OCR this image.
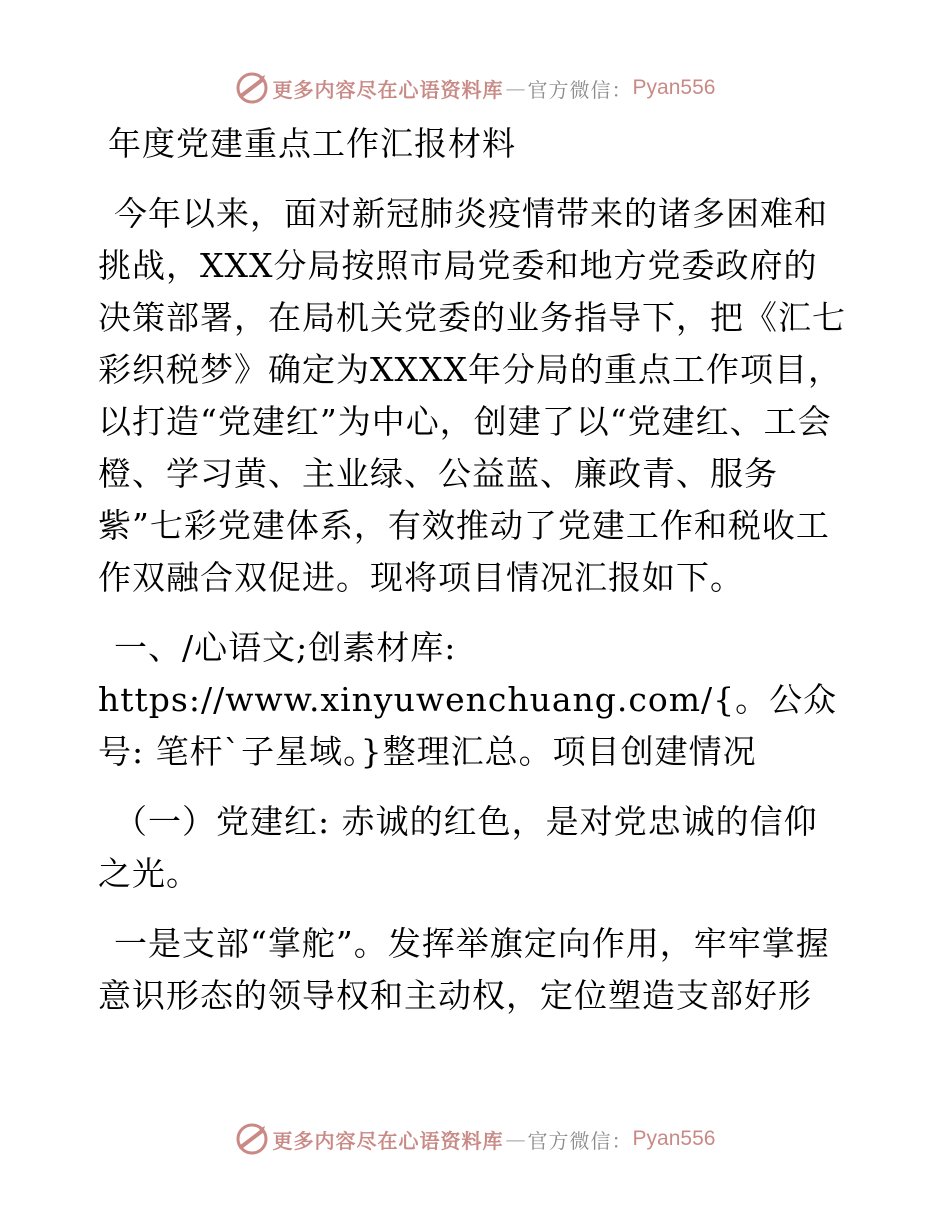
更多内容尽在心语资料库 — 官方微信： Pyan556

年度党建重点工作汇报材料

今年以来，面对新冠肺炎疫情带来的诸多困难和挑战，XXX分局按照市局党委和地方党委政府的决策部署，在局机关党委的业务指导下，把《汇七彩织税梦》确定为XXXX年分局的重点工作项目，以打造“党建红”为中心，创建了以“党建红、工会橙、学习黄、主业绿、公益蓝、廉政青、服务紫”七彩党建体系，有效推动了党建工作和税收工作双融合双促进。现将项目情况汇报如下。

一、/心语文;创素材库: https://www.xinyuwenchuang.com/{。公众号: 笔杆`子星域。}整理汇总。项目创建情况

（一）党建红: 赤诚的红色，是对党忠诚的信仰之光。

一是支部“掌舵”。发挥举旗定向作用，牢牢掌握意识形态的领导权和主动权，定位塑造支部好形

更多内容尽在心语资料库 — 官方微信： Pyan556
